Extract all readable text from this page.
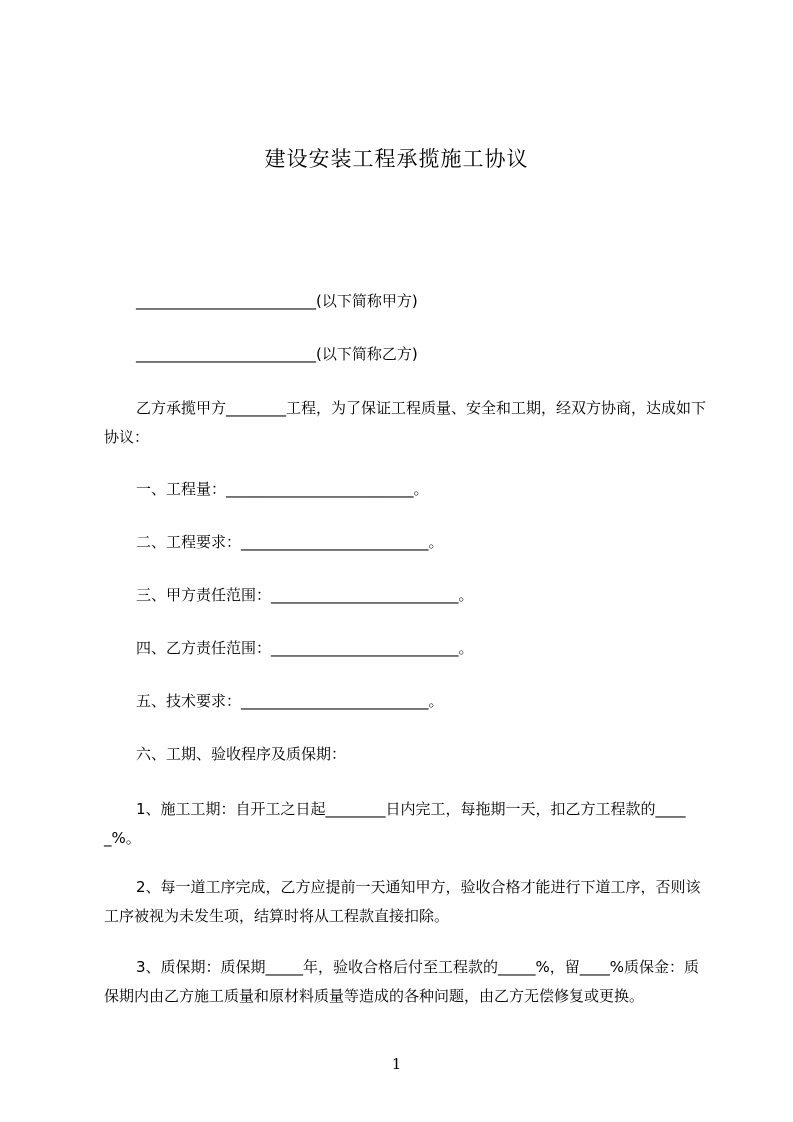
建设安装工程承揽施工协议
________________________(以下简称甲方)
________________________(以下简称乙方)
乙方承揽甲方________工程，为了保证工程质量、安全和工期，经双方协商，达成如下协议：
一、工程量：_________________________。
二、工程要求：_________________________。
三、甲方责任范围：_________________________。
四、乙方责任范围：_________________________。
五、技术要求：_________________________。
六、工期、验收程序及质保期：
1、施工工期：自开工之日起________日内完工，每拖期一天，扣乙方工程款的_____%。
2、每一道工序完成，乙方应提前一天通知甲方，验收合格才能进行下道工序，否则该工序被视为未发生项，结算时将从工程款直接扣除。
3、质保期：质保期_____年，验收合格后付至工程款的_____%，留____%质保金：质保期内由乙方施工质量和原材料质量等造成的各种问题，由乙方无偿修复或更换。
1
